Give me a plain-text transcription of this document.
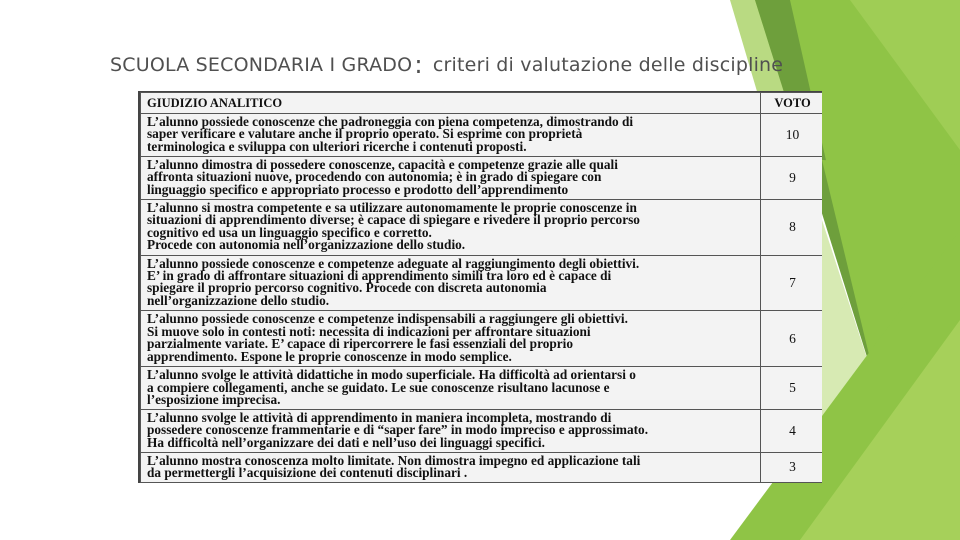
SCUOLA SECONDARIA I GRADO: criteri di valutazione delle discipline
GIUDIZIO ANALITICO	VOTO

L’alunno possiede conoscenze che padroneggia con piena competenza, dimostrando di
saper verificare e valutare anche il proprio operato. Si esprime con proprietà
terminologica e sviluppa con ulteriori ricerche i contenuti proposti.	10

L’alunno dimostra di possedere conoscenze, capacità e competenze grazie alle quali
affronta situazioni nuove, procedendo con autonomia; è in grado di spiegare con
linguaggio specifico e appropriato processo e prodotto dell’apprendimento	9

L’alunno si mostra competente e sa utilizzare autonomamente le proprie conoscenze in
situazioni di apprendimento diverse; è capace di spiegare e rivedere il proprio percorso
cognitivo ed usa un linguaggio specifico e corretto.
Procede con autonomia nell’organizzazione dello studio.	8

L’alunno possiede conoscenze e competenze adeguate al raggiungimento degli obiettivi.
E’ in grado di affrontare situazioni di apprendimento simili tra loro ed è capace di
spiegare il proprio percorso cognitivo. Procede con discreta autonomia
nell’organizzazione dello studio.	7

L’alunno possiede conoscenze e competenze indispensabili a raggiungere gli obiettivi.
Si muove solo in contesti noti: necessita di indicazioni per affrontare situazioni
parzialmente variate. E’ capace di ripercorrere le fasi essenziali del proprio
apprendimento. Espone le proprie conoscenze in modo semplice.	6

L’alunno svolge le attività didattiche in modo superficiale. Ha difficoltà ad orientarsi o
a compiere collegamenti, anche se guidato. Le sue conoscenze risultano lacunose e
l’esposizione imprecisa.	5

L’alunno svolge le attività di apprendimento in maniera incompleta, mostrando di
possedere conoscenze frammentarie e di “saper fare” in modo impreciso e approssimato.
Ha difficoltà nell’organizzare dei dati e nell’uso dei linguaggi specifici.	4

L’alunno mostra conoscenza molto limitate. Non dimostra impegno ed applicazione tali
da permettergli l’acquisizione dei contenuti disciplinari .	3
